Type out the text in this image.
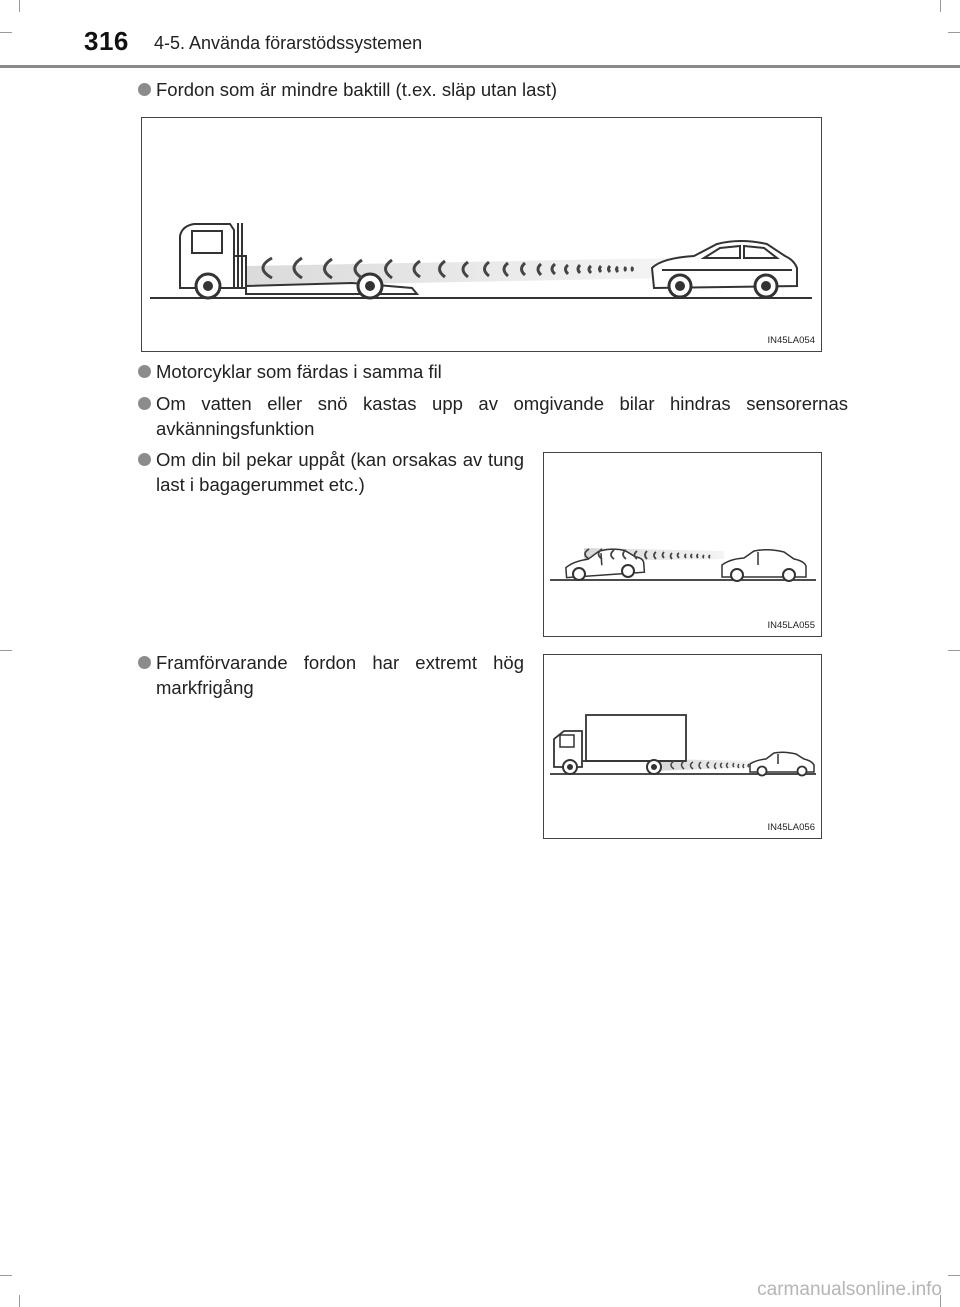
316 4-5. Använda förarstödssystemen
Fordon som är mindre baktill (t.ex. släp utan last)
IN45LA054
Motorcyklar som färdas i samma fil
Om vatten eller snö kastas upp av omgivande bilar hindras sensorernas avkänningsfunktion
Om din bil pekar uppåt (kan orsakas av tung last i bagagerummet etc.)
IN45LA055
Framförvarande fordon har extremt hög markfrigång
IN45LA056
carmanualsonline.info
